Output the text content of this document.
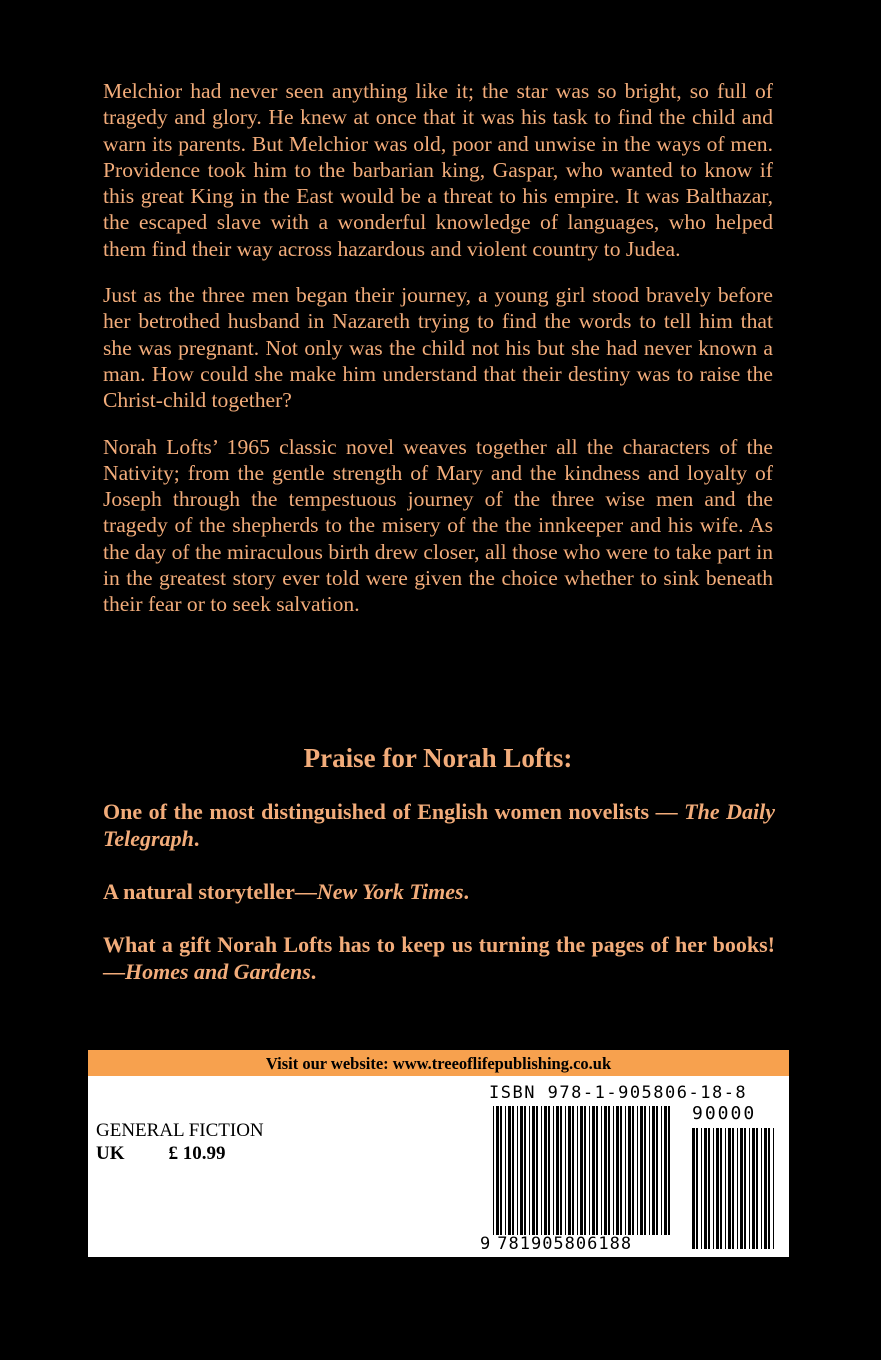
Melchior had never seen anything like it; the star was so bright, so full of tragedy and glory. He knew at once that it was his task to find the child and warn its parents. But Melchior was old, poor and unwise in the ways of men. Providence took him to the barbarian king, Gaspar, who wanted to know if this great King in the East would be a threat to his empire. It was Balthazar, the escaped slave with a wonderful knowledge of languages, who helped them find their way across hazardous and violent country to Judea.

Just as the three men began their journey, a young girl stood bravely before her betrothed husband in Nazareth trying to find the words to tell him that she was pregnant. Not only was the child not his but she had never known a man. How could she make him understand that their destiny was to raise the Christ-child together?

Norah Lofts’ 1965 classic novel weaves together all the characters of the Nativity; from the gentle strength of Mary and the kindness and loyalty of Joseph through the tempestuous journey of the three wise men and the tragedy of the shepherds to the misery of the the innkeeper and his wife. As the day of the miraculous birth drew closer, all those who were to take part in in the greatest story ever told were given the choice whether to sink beneath their fear or to seek salvation.

Praise for Norah Lofts:

One of the most distinguished of English women novelists — The Daily Telegraph.

A natural storyteller—New York Times.

What a gift Norah Lofts has to keep us turning the pages of her books!—Homes and Gardens.

Visit our website: www.treeoflifepublishing.co.uk
GENERAL FICTION
UK £ 10.99
ISBN 978-1-905806-18-8
90000
9 781905806188
